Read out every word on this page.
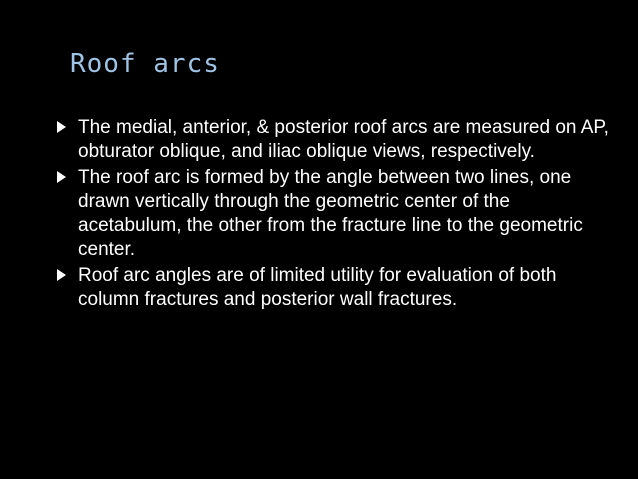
Roof arcs
The medial, anterior, & posterior roof arcs are measured on AP, obturator oblique, and iliac oblique views, respectively.
The roof arc is formed by the angle between two lines, one drawn vertically through the geometric center of the acetabulum, the other from the fracture line to the geometric center.
Roof arc angles are of limited utility for evaluation of both column fractures and posterior wall fractures.
